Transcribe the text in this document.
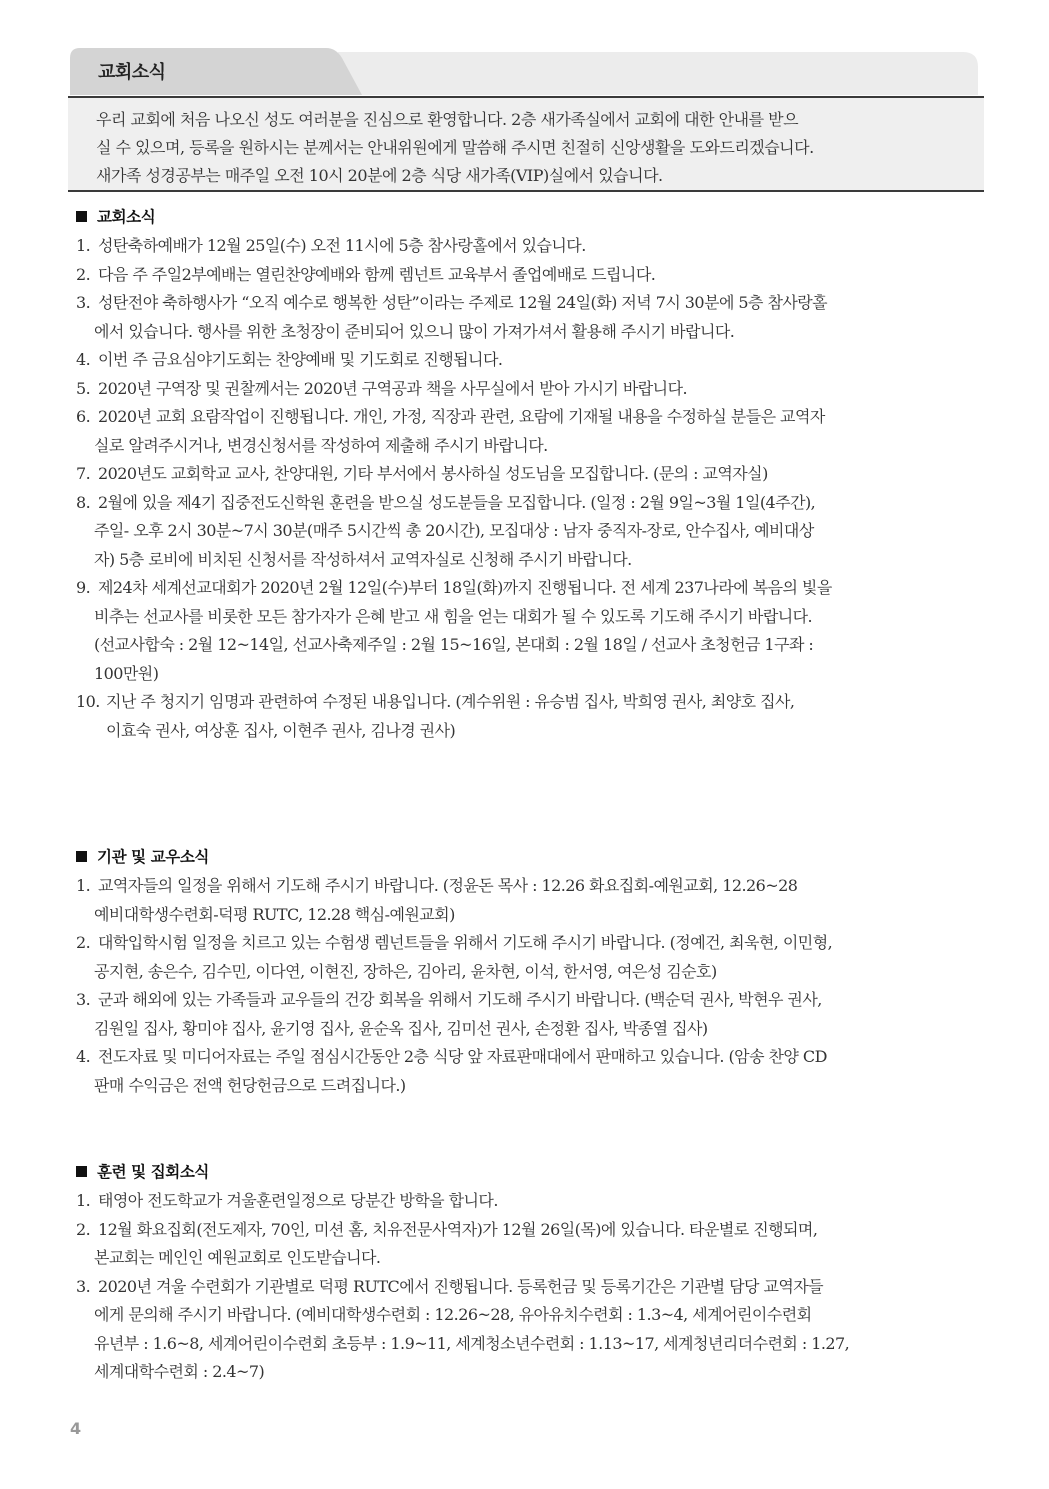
교회소식

우리 교회에 처음 나오신 성도 여러분을 진심으로 환영합니다. 2층 새가족실에서 교회에 대한 안내를 받으
실 수 있으며, 등록을 원하시는 분께서는 안내위원에게 말씀해 주시면 친절히 신앙생활을 도와드리겠습니다.
새가족 성경공부는 매주일 오전 10시 20분에 2층 식당 새가족(VIP)실에서 있습니다.

교회소식
1. 성탄축하예배가 12월 25일(수) 오전 11시에 5층 참사랑홀에서 있습니다.
2. 다음 주 주일2부예배는 열린찬양예배와 함께 렘넌트 교육부서 졸업예배로 드립니다.
3. 성탄전야 축하행사가 “오직 예수로 행복한 성탄”이라는 주제로 12월 24일(화) 저녁 7시 30분에 5층 참사랑홀
에서 있습니다. 행사를 위한 초청장이 준비되어 있으니 많이 가져가셔서 활용해 주시기 바랍니다.
4. 이번 주 금요심야기도회는 찬양예배 및 기도회로 진행됩니다.
5. 2020년 구역장 및 권찰께서는 2020년 구역공과 책을 사무실에서 받아 가시기 바랍니다.
6. 2020년 교회 요람작업이 진행됩니다. 개인, 가정, 직장과 관련, 요람에 기재될 내용을 수정하실 분들은 교역자
실로 알려주시거나, 변경신청서를 작성하여 제출해 주시기 바랍니다.
7. 2020년도 교회학교 교사, 찬양대원, 기타 부서에서 봉사하실 성도님을 모집합니다. (문의 : 교역자실)
8. 2월에 있을 제4기 집중전도신학원 훈련을 받으실 성도분들을 모집합니다. (일정 : 2월 9일~3월 1일(4주간),
주일- 오후 2시 30분~7시 30분(매주 5시간씩 총 20시간), 모집대상 : 남자 중직자-장로, 안수집사, 예비대상
자) 5층 로비에 비치된 신청서를 작성하셔서 교역자실로 신청해 주시기 바랍니다.
9. 제24차 세계선교대회가 2020년 2월 12일(수)부터 18일(화)까지 진행됩니다. 전 세계 237나라에 복음의 빛을
비추는 선교사를 비롯한 모든 참가자가 은혜 받고 새 힘을 얻는 대회가 될 수 있도록 기도해 주시기 바랍니다.
(선교사합숙 : 2월 12~14일, 선교사축제주일 : 2월 15~16일, 본대회 : 2월 18일 / 선교사 초청헌금 1구좌 :
100만원)
10. 지난 주 청지기 임명과 관련하여 수정된 내용입니다. (계수위원 : 유승범 집사, 박희영 권사, 최양호 집사,
이효숙 권사, 여상훈 집사, 이현주 권사, 김나경 권사)
기관 및 교우소식
1. 교역자들의 일정을 위해서 기도해 주시기 바랍니다. (정윤돈 목사 : 12.26 화요집회-예원교회, 12.26~28
예비대학생수련회-덕평 RUTC, 12.28 핵심-예원교회)
2. 대학입학시험 일정을 치르고 있는 수험생 렘넌트들을 위해서 기도해 주시기 바랍니다. (정예건, 최욱현, 이민형,
공지현, 송은수, 김수민, 이다연, 이현진, 장하은, 김아리, 윤차현, 이석, 한서영, 여은성 김순호)
3. 군과 해외에 있는 가족들과 교우들의 건강 회복을 위해서 기도해 주시기 바랍니다. (백순덕 권사, 박현우 권사,
김원일 집사, 황미야 집사, 윤기영 집사, 윤순옥 집사, 김미선 권사, 손정환 집사, 박종열 집사)
4. 전도자료 및 미디어자료는 주일 점심시간동안 2층 식당 앞 자료판매대에서 판매하고 있습니다. (암송 찬양 CD
판매 수익금은 전액 헌당헌금으로 드려집니다.)
훈련 및 집회소식
1. 태영아 전도학교가 겨울훈련일정으로 당분간 방학을 합니다.
2. 12월 화요집회(전도제자, 70인, 미션 홈, 치유전문사역자)가 12월 26일(목)에 있습니다. 타운별로 진행되며,
본교회는 메인인 예원교회로 인도받습니다.
3. 2020년 겨울 수련회가 기관별로 덕평 RUTC에서 진행됩니다. 등록헌금 및 등록기간은 기관별 담당 교역자들
에게 문의해 주시기 바랍니다. (예비대학생수련회 : 12.26~28, 유아유치수련회 : 1.3~4, 세계어린이수련회
유년부 : 1.6~8, 세계어린이수련회 초등부 : 1.9~11, 세계청소년수련회 : 1.13~17, 세계청년리더수련회 : 1.27,
세계대학수련회 : 2.4~7)
4
